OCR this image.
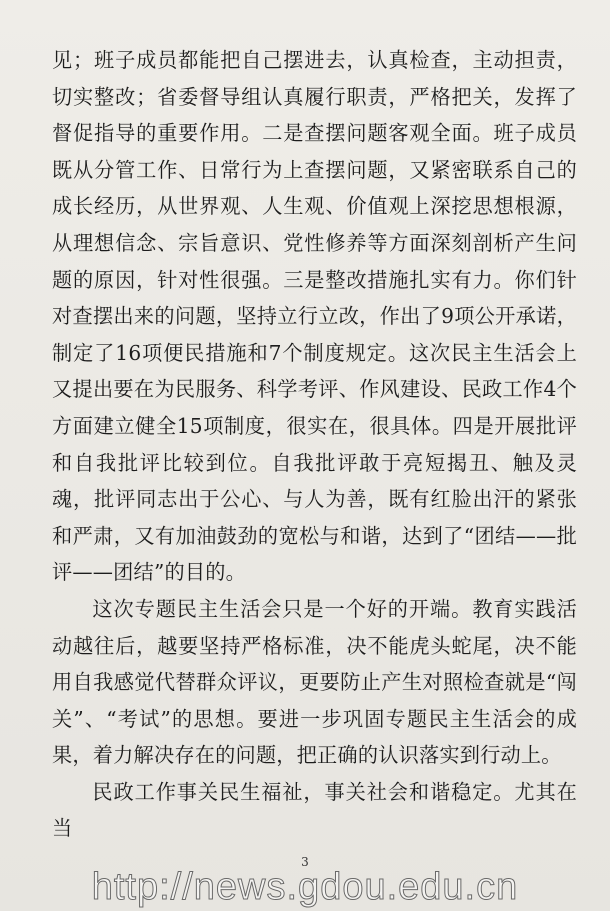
见；班子成员都能把自己摆进去，认真检查，主动担责，切实整改；省委督导组认真履行职责，严格把关，发挥了督促指导的重要作用。二是查摆问题客观全面。班子成员既从分管工作、日常行为上查摆问题，又紧密联系自己的成长经历，从世界观、人生观、价值观上深挖思想根源，从理想信念、宗旨意识、党性修养等方面深刻剖析产生问题的原因，针对性很强。三是整改措施扎实有力。你们针对查摆出来的问题，坚持立行立改，作出了9项公开承诺，制定了16项便民措施和7个制度规定。这次民主生活会上又提出要在为民服务、科学考评、作风建设、民政工作4个方面建立健全15项制度，很实在，很具体。四是开展批评和自我批评比较到位。自我批评敢于亮短揭丑、触及灵魂，批评同志出于公心、与人为善，既有红脸出汗的紧张和严肃，又有加油鼓劲的宽松与和谐，达到了“团结——批评——团结”的目的。

这次专题民主生活会只是一个好的开端。教育实践活动越往后，越要坚持严格标准，决不能虎头蛇尾，决不能用自我感觉代替群众评议，更要防止产生对照检查就是“闯关”、“考试”的思想。要进一步巩固专题民主生活会的成果，着力解决存在的问题，把正确的认识落实到行动上。

民政工作事关民生福祉，事关社会和谐稳定。尤其在当

3
http://news.gdou.edu.cn
